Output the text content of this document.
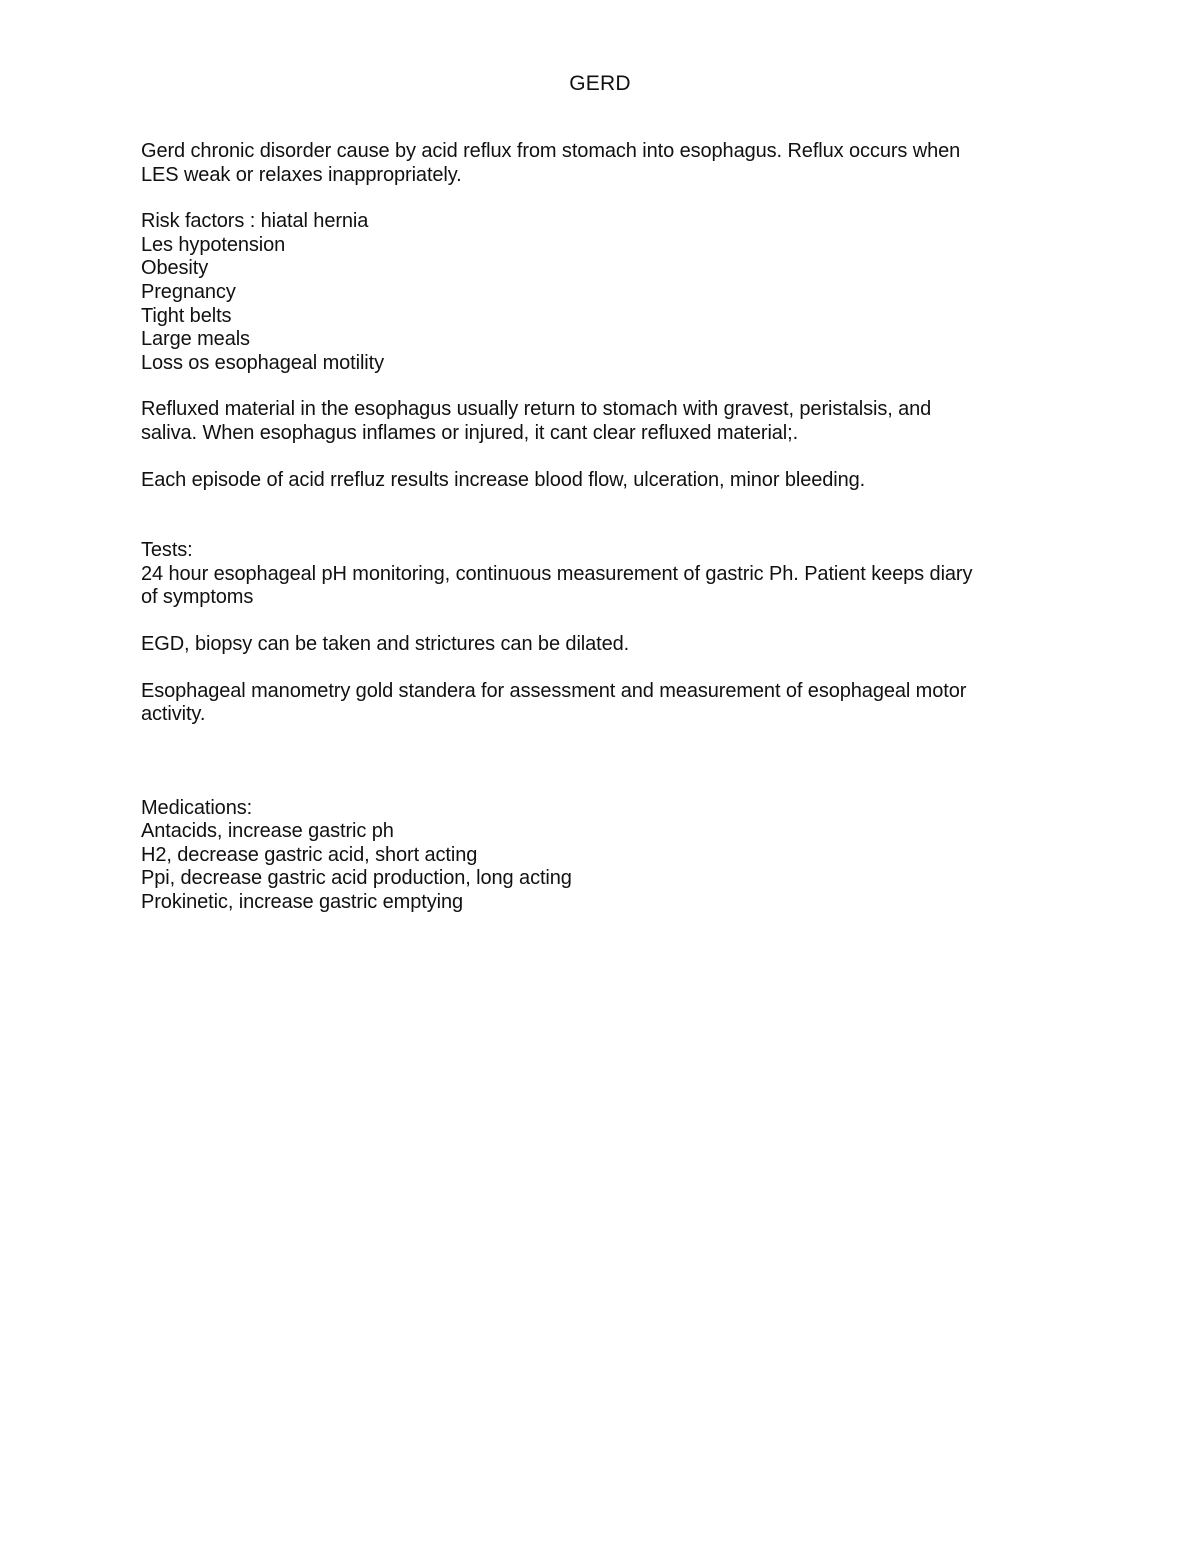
GERD
Gerd chronic disorder cause by acid reflux from stomach into esophagus. Reflux occurs when
LES weak or relaxes inappropriately.
Risk factors : hiatal hernia
Les hypotension
Obesity
Pregnancy
Tight belts
Large meals
Loss os esophageal motility
Refluxed material in the esophagus usually return to stomach with gravest, peristalsis, and
saliva. When esophagus inflames or injured, it cant clear refluxed material;.
Each episode of acid rrefluz results increase blood flow, ulceration, minor bleeding.
Tests:
24 hour esophageal pH monitoring, continuous measurement of gastric Ph. Patient keeps diary
of symptoms
EGD, biopsy can be taken and strictures can be dilated.
Esophageal manometry gold standera for assessment and measurement of esophageal motor
activity.
Medications:
Antacids, increase gastric ph
H2, decrease gastric acid, short acting
Ppi, decrease gastric acid production, long acting
Prokinetic, increase gastric emptying
